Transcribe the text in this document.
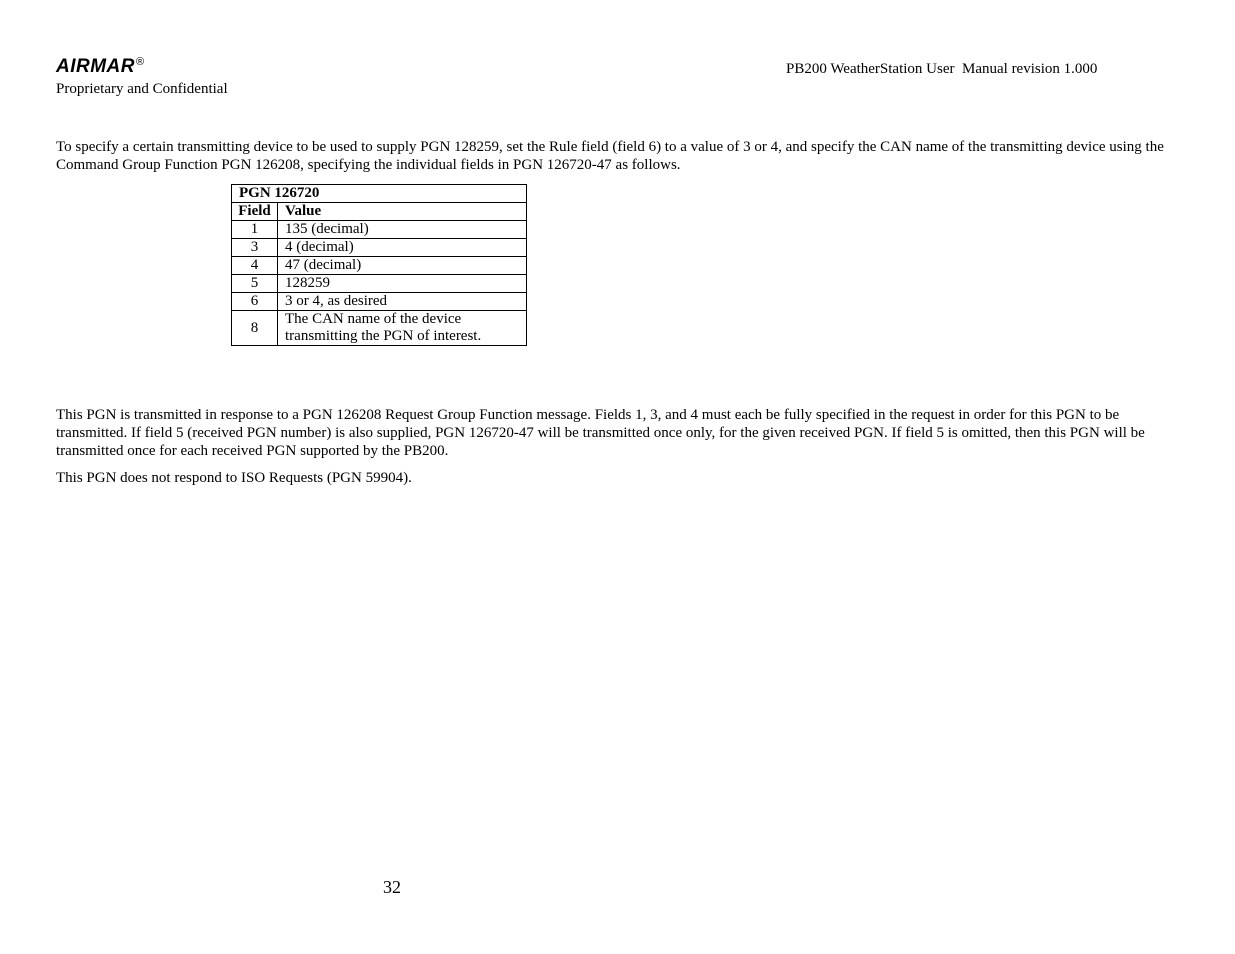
AIRMAR®
Proprietary and Confidential
PB200 WeatherStation User  Manual revision 1.000

To specify a certain transmitting device to be used to supply PGN 128259, set the Rule field (field 6) to a value of 3 or 4, and specify the CAN name of the transmitting device using the Command Group Function PGN 126208, specifying the individual fields in PGN 126720-47 as follows.

PGN 126720	
Field	Value
1	135 (decimal)
3	4 (decimal)
4	47 (decimal)
5	128259
6	3 or 4, as desired
8	The CAN name of the device transmitting the PGN of interest.

This PGN is transmitted in response to a PGN 126208 Request Group Function message. Fields 1, 3, and 4 must each be fully specified in the request in order for this PGN to be transmitted. If field 5 (received PGN number) is also supplied, PGN 126720-47 will be transmitted once only, for the given received PGN. If field 5 is omitted, then this PGN will be transmitted once for each received PGN supported by the PB200.

This PGN does not respond to ISO Requests (PGN 59904).

32
